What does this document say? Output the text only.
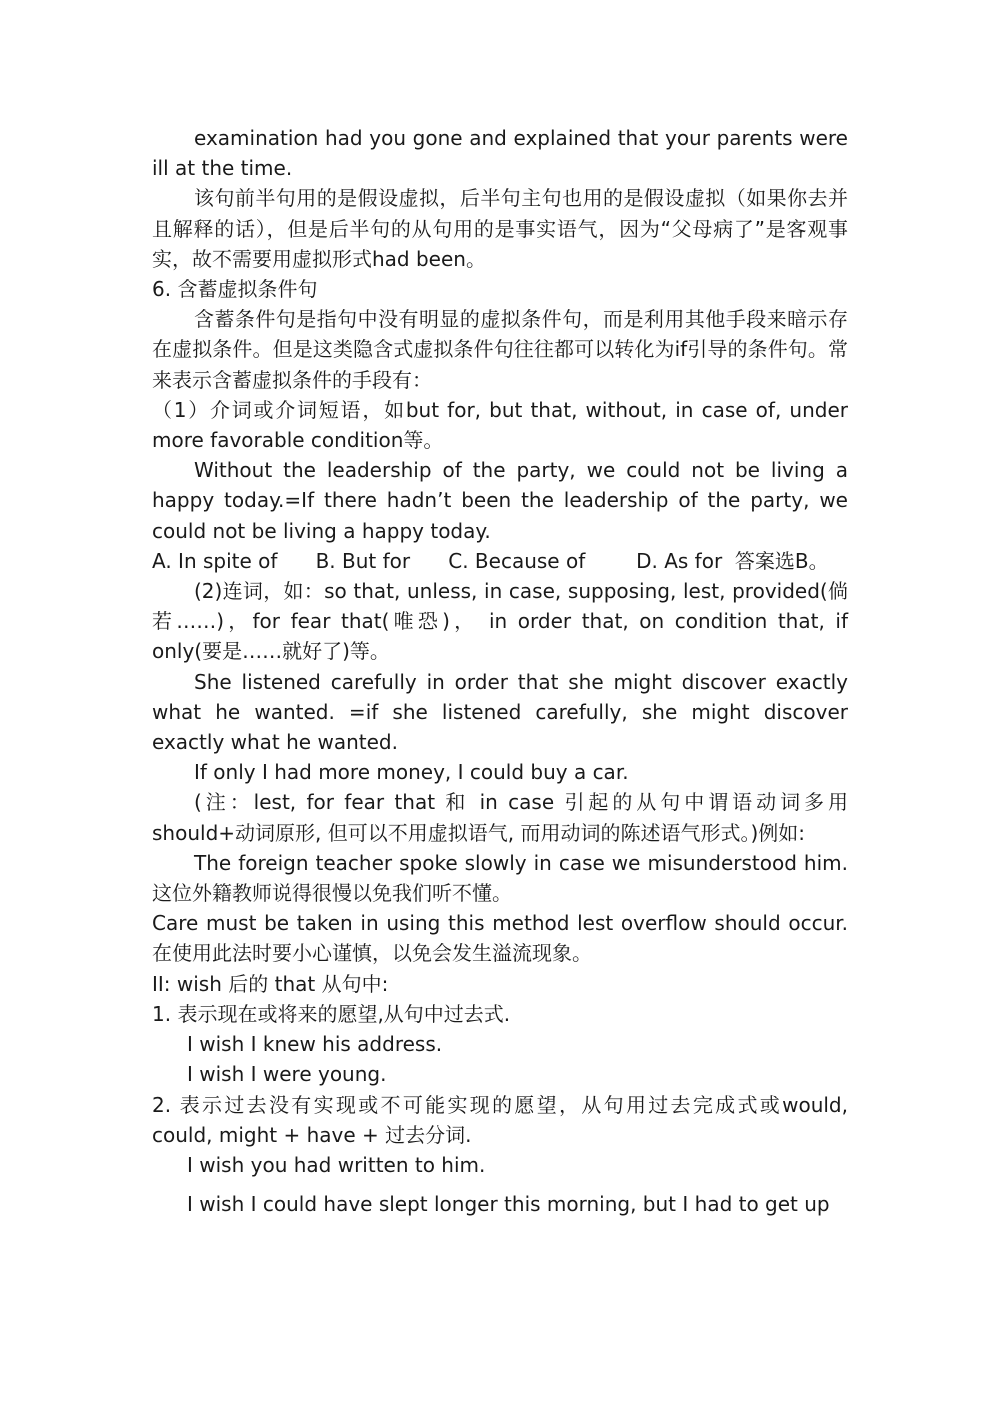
examination had you gone and explained that your parents were ill at the time.

该句前半句用的是假设虚拟，后半句主句也用的是假设虚拟（如果你去并且解释的话），但是后半句的从句用的是事实语气，因为“父母病了”是客观事实，故不需要用虚拟形式had been。

6. 含蓄虚拟条件句

含蓄条件句是指句中没有明显的虚拟条件句，而是利用其他手段来暗示存在虚拟条件。但是这类隐含式虚拟条件句往往都可以转化为if引导的条件句。常来表示含蓄虚拟条件的手段有：

（1）介词或介词短语，如but for, but that, without, in case of, under more favorable condition等。

Without the leadership of the party, we could not be living a happy today.=If there hadn’t been the leadership of the party, we could not be living a happy today.

A. In spite of      B. But for      C. Because of        D. As for  答案选B。

(2)连词，如：so that, unless, in case, supposing, lest, provided(倘若……)，for fear that(唯恐)， in order that, on condition that, if only(要是……就好了)等。

She listened carefully in order that she might discover exactly what he wanted. =if she listened carefully, she might discover exactly what he wanted.

If only I had more money, I could buy a car.

(注：lest, for fear that 和 in case 引起的从句中谓语动词多用should+动词原形, 但可以不用虚拟语气, 而用动词的陈述语气形式。)例如:

The foreign teacher spoke slowly in case we misunderstood him. 这位外籍教师说得很慢以免我们听不懂。

Care must be taken in using this method lest overflow should occur. 在使用此法时要小心谨慎，以免会发生溢流现象。

II: wish 后的 that 从句中:

1. 表示现在或将来的愿望,从句中过去式.

I wish I knew his address.

I wish I were young.

2. 表示过去没有实现或不可能实现的愿望，从句用过去完成式或would, could, might + have + 过去分词.

I wish you had written to him.

I wish I could have slept longer this morning, but I had to get up
